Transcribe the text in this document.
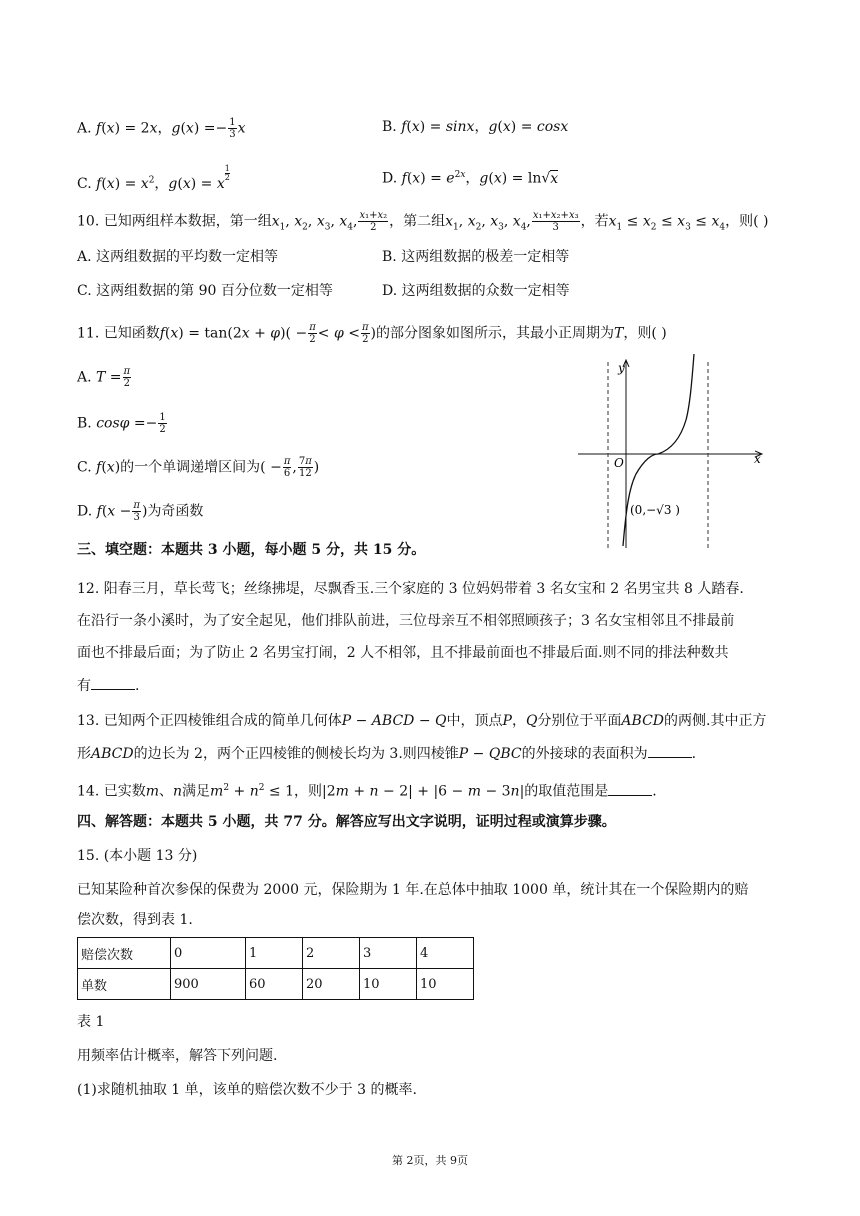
A. f(x) = 2x，$g(x) =- \frac{1}{3}$ x	B. f(x) = sinx，g(x) = cosx
C. $f(x) = x^2$，g(x) = x
$^{\frac{1}{2}}$	D. $f(x) = e^{2x}$，g(x) = ln√x
10. 已知两组样本数据，第一组$x_1$, $x_2$, $x_3$, $x_4$, $\frac{\text{x₁+x₂}}{2}$ ，第二组$x_1$, $x_2$, $x_3$, $x_4$, $\frac{\text{x₁+x₂+x₃}}{3}$ ，若$x_1 \le x_2 \le x_3 \le x_4$，则( )
A. 这两组数据的平均数一定相等	B. 这两组数据的极差一定相等
C. 这两组数据的第 90 百分位数一定相等	D. 这两组数据的众数一定相等
11. 已知函数$f(x) = \tan(2x + \varphi)( - \frac{\pi}{2} < \varphi < \frac{\pi}{2}$ )的部分图象如图所示，其最小正周期为T，则( )
A. $T = \frac{\pi}{2}$
B. $\cos\varphi =- \frac{1}{2}$
C. f(x)的一个单调递增区间为( − $\frac{\pi}{6}$ , $\frac{7\pi}{12}$ )
D. $f(x - \frac{\pi}{3}$ )为奇函数
x
y
O
(0,−√3 )
三、填空题：本题共 3 小题，每小题 5 分，共 15 分。
12. 阳春三月，草长莺飞；丝绦拂堤，尽飘香玉.三个家庭的 3 位妈妈带着 3 名女宝和 2 名男宝共 8 人踏春.
在沿行一条小溪时，为了安全起见，他们排队前进，三位母亲互不相邻照顾孩子；3 名女宝相邻且不排最前
面也不排最后面；为了防止 2 名男宝打闹，2 人不相邻，且不排最前面也不排最后面.则不同的排法种数共
有	.
13. 已知两个正四棱锥组合成的简单几何体P − ABCD − Q中，顶点P，Q分别位于平面ABCD的两侧.其中正方
形ABCD的边长为 2，两个正四棱锥的侧棱长均为 3.则四棱锥P − QBC的外接球的表面积为	.
14. 已实数m、n满足$m^2 + n^2 \le 1$，则|2m + n − 2| + |6 − m − 3n|的取值范围是	.
四、解答题：本题共 5 小题，共 77 分。解答应写出文字说明，证明过程或演算步骤。
15. (本小题 13 分)
已知某险种首次参保的保费为 2000 元，保险期为 1 年.在总体中抽取 1000 单，统计其在一个保险期内的赔
偿次数，得到表 1.
赔偿次数	0	1	2	3	4
单数	900	60	20	10	10
表 1
用频率估计概率，解答下列问题.
(1)求随机抽取 1 单，该单的赔偿次数不少于 3 的概率.
第 2页，共 9页
